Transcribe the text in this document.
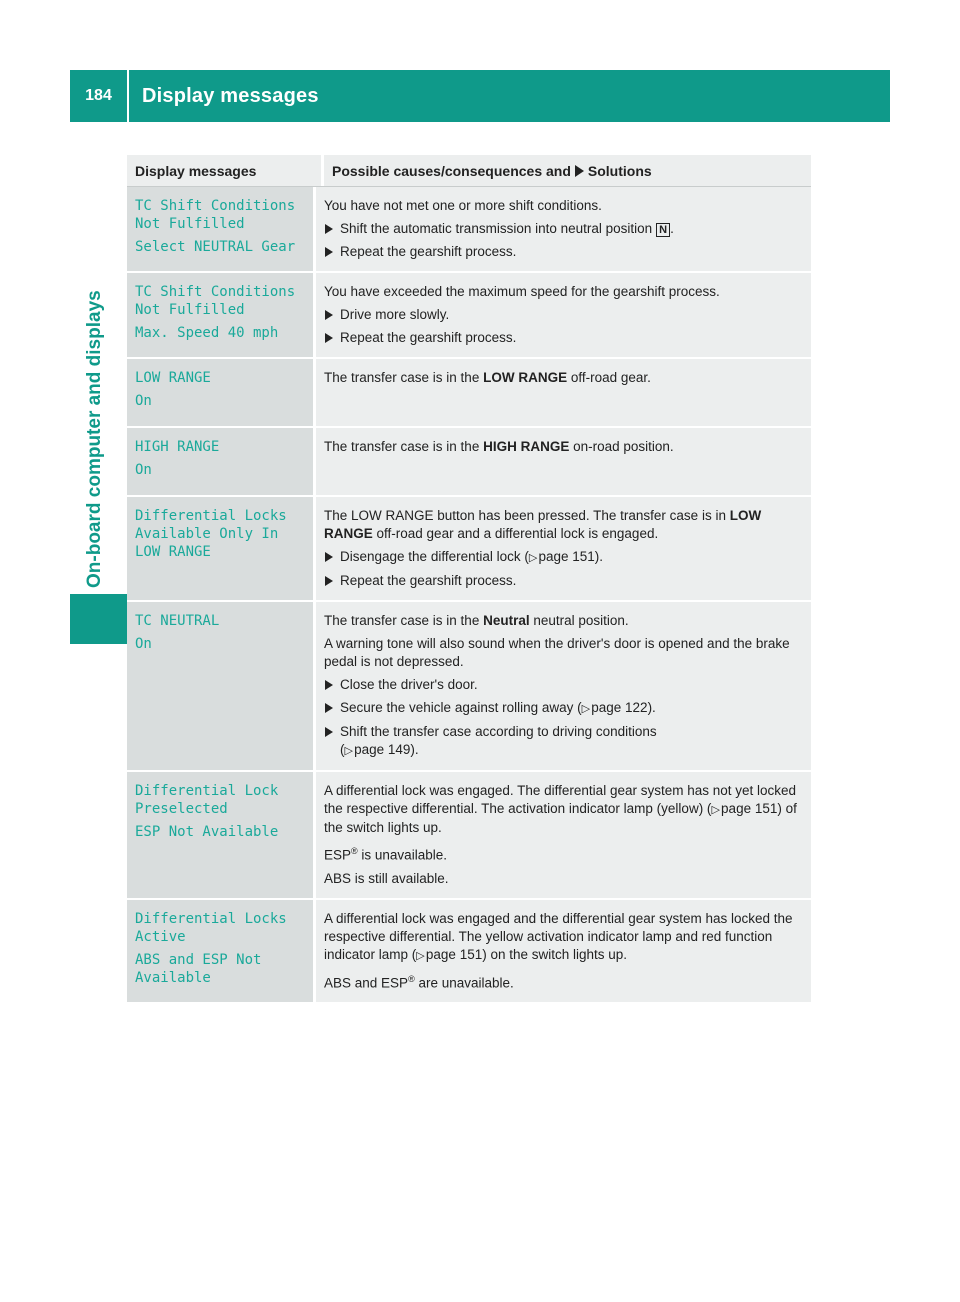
184	Display messages
On-board computer and displays
Display messages	Possible causes/consequences and Solutions
TC Shift Conditions
Not Fulfilled
Select NEUTRAL Gear

You have not met one or more shift conditions.

Shift the automatic transmission into neutral position N .

Repeat the gearshift process.

TC Shift Conditions
Not Fulfilled
Max. Speed 40 mph

You have exceeded the maximum speed for the gearshift process.

Drive more slowly.

Repeat the gearshift process.

LOW RANGE
On

The transfer case is in the LOW RANGE off-road gear.

HIGH RANGE
On

The transfer case is in the HIGH RANGE on-road position.

Differential Locks
Available Only In
LOW RANGE

The LOW RANGE button has been pressed. The transfer case is in LOW RANGE off-road gear and a differential lock is engaged.

Disengage the differential lock (▷ page 151).

Repeat the gearshift process.

TC NEUTRAL
On

The transfer case is in the Neutral neutral position.

A warning tone will also sound when the driver's door is opened and the brake pedal is not depressed.

Close the driver's door.

Secure the vehicle against rolling away (▷ page 122).

Shift the transfer case according to driving conditions
(▷ page 149).

Differential Lock
Preselected
ESP Not Available

A differential lock was engaged. The differential gear system has not yet locked the respective differential. The activation indicator lamp (yellow) (▷ page 151) of the switch lights up.

ESP® is unavailable.

ABS is still available.

Differential Locks
Active
ABS and ESP Not
Available

A differential lock was engaged and the differential gear system has locked the respective differential. The yellow activation indicator lamp and red function indicator lamp (▷ page 151) on the switch lights up.

ABS and ESP® are unavailable.
